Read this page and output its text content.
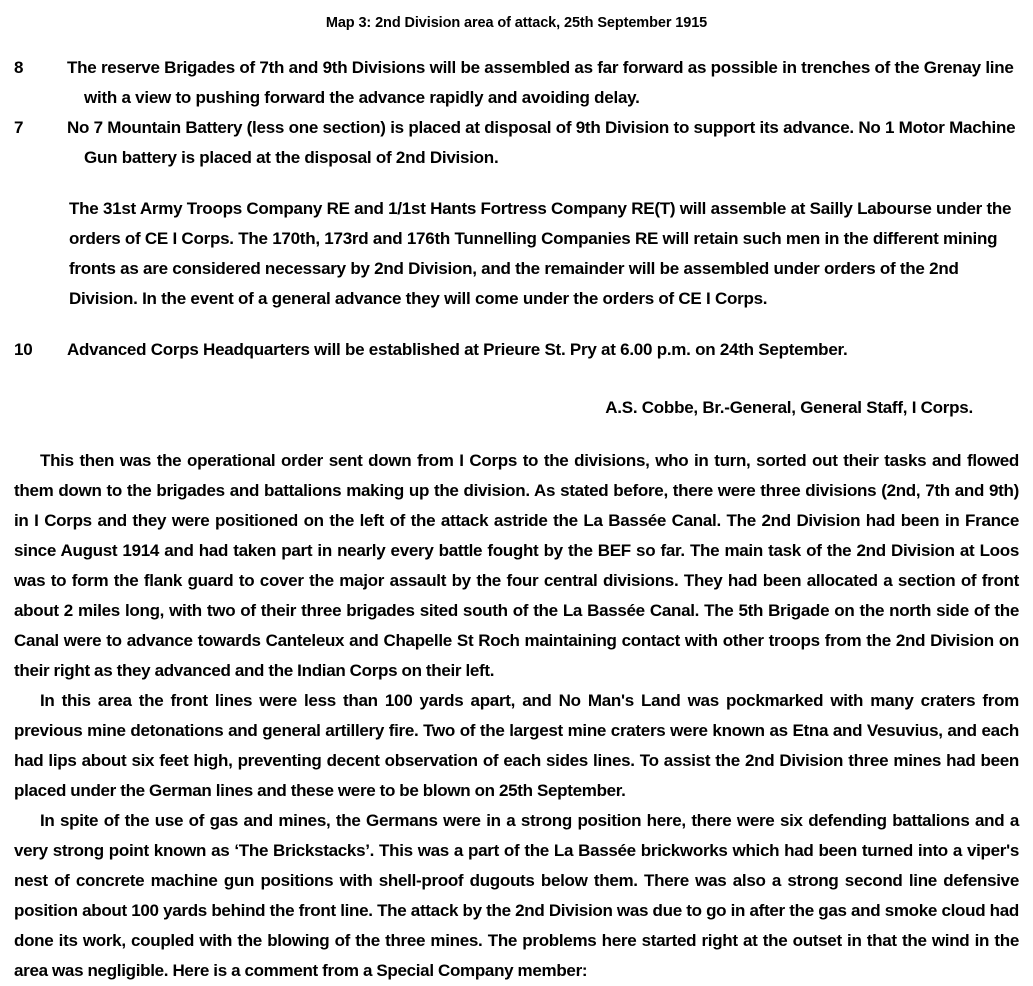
Map 3: 2nd Division area of attack, 25th September 1915
8	The reserve Brigades of 7th and 9th Divisions will be assembled as far forward as possible in trenches of the Grenay line with a view to pushing forward the advance rapidly and avoiding delay.
7	No 7 Mountain Battery (less one section) is placed at disposal of 9th Division to support its advance. No 1 Motor Machine Gun battery is placed at the disposal of 2nd Division.

The 31st Army Troops Company RE and 1/1st Hants Fortress Company RE(T) will assemble at Sailly Labourse under the orders of CE I Corps. The 170th, 173rd and 176th Tunnelling Companies RE will retain such men in the different mining fronts as are considered necessary by 2nd Division, and the remainder will be assembled under orders of the 2nd Division. In the event of a general advance they will come under the orders of CE I Corps.

10	Advanced Corps Headquarters will be established at Prieure St. Pry at 6.00 p.m. on 24th September.

A.S. Cobbe, Br.-General, General Staff, I Corps.

This then was the operational order sent down from I Corps to the divisions, who in turn, sorted out their tasks and flowed them down to the brigades and battalions making up the division. As stated before, there were three divisions (2nd, 7th and 9th) in I Corps and they were positioned on the left of the attack astride the La Bassée Canal. The 2nd Division had been in France since August 1914 and had taken part in nearly every battle fought by the BEF so far. The main task of the 2nd Division at Loos was to form the flank guard to cover the major assault by the four central divisions. They had been allocated a section of front about 2 miles long, with two of their three brigades sited south of the La Bassée Canal. The 5th Brigade on the north side of the Canal were to advance towards Canteleux and Chapelle St Roch maintaining contact with other troops from the 2nd Division on their right as they advanced and the Indian Corps on their left.

In this area the front lines were less than 100 yards apart, and No Man's Land was pockmarked with many craters from previous mine detonations and general artillery fire. Two of the largest mine craters were known as Etna and Vesuvius, and each had lips about six feet high, preventing decent observation of each sides lines. To assist the 2nd Division three mines had been placed under the German lines and these were to be blown on 25th September.

In spite of the use of gas and mines, the Germans were in a strong position here, there were six defending battalions and a very strong point known as ‘The Brickstacks’. This was a part of the La Bassée brickworks which had been turned into a viper's nest of concrete machine gun positions with shell-proof dugouts below them. There was also a strong second line defensive position about 100 yards behind the front line. The attack by the 2nd Division was due to go in after the gas and smoke cloud had done its work, coupled with the blowing of the three mines. The problems here started right at the outset in that the wind in the area was negligible. Here is a comment from a Special Company member:
